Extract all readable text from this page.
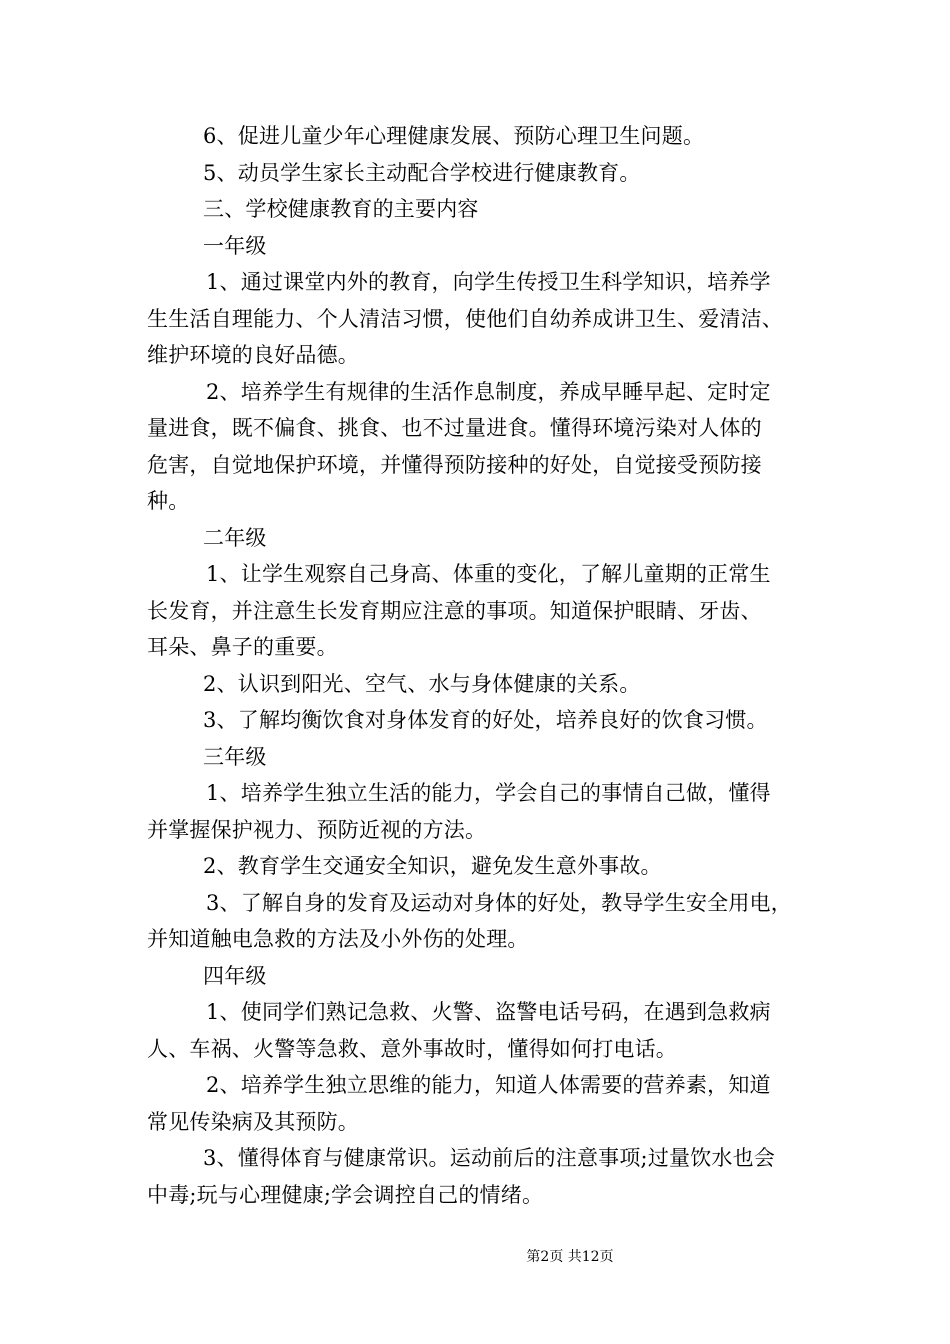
6、促进儿童少年心理健康发展、预防心理卫生问题。
5、动员学生家长主动配合学校进行健康教育。
三、学校健康教育的主要内容
一年级
1、通过课堂内外的教育，向学生传授卫生科学知识，培养学
生生活自理能力、个人清洁习惯，使他们自幼养成讲卫生、爱清洁、
维护环境的良好品德。
2、培养学生有规律的生活作息制度，养成早睡早起、定时定
量进食，既不偏食、挑食、也不过量进食。懂得环境污染对人体的
危害，自觉地保护环境，并懂得预防接种的好处，自觉接受预防接
种。
二年级
1、让学生观察自己身高、体重的变化，了解儿童期的正常生
长发育，并注意生长发育期应注意的事项。知道保护眼睛、牙齿、
耳朵、鼻子的重要。
2、认识到阳光、空气、水与身体健康的关系。
3、了解均衡饮食对身体发育的好处，培养良好的饮食习惯。
三年级
1、培养学生独立生活的能力，学会自己的事情自己做，懂得
并掌握保护视力、预防近视的方法。
2、教育学生交通安全知识，避免发生意外事故。
3、了解自身的发育及运动对身体的好处，教导学生安全用电，
并知道触电急救的方法及小外伤的处理。
四年级
1、使同学们熟记急救、火警、盗警电话号码，在遇到急救病
人、车祸、火警等急救、意外事故时，懂得如何打电话。
2、培养学生独立思维的能力，知道人体需要的营养素，知道
常见传染病及其预防。
3、懂得体育与健康常识。运动前后的注意事项;过量饮水也会
中毒;玩与心理健康;学会调控自己的情绪。
第2页 共12页
